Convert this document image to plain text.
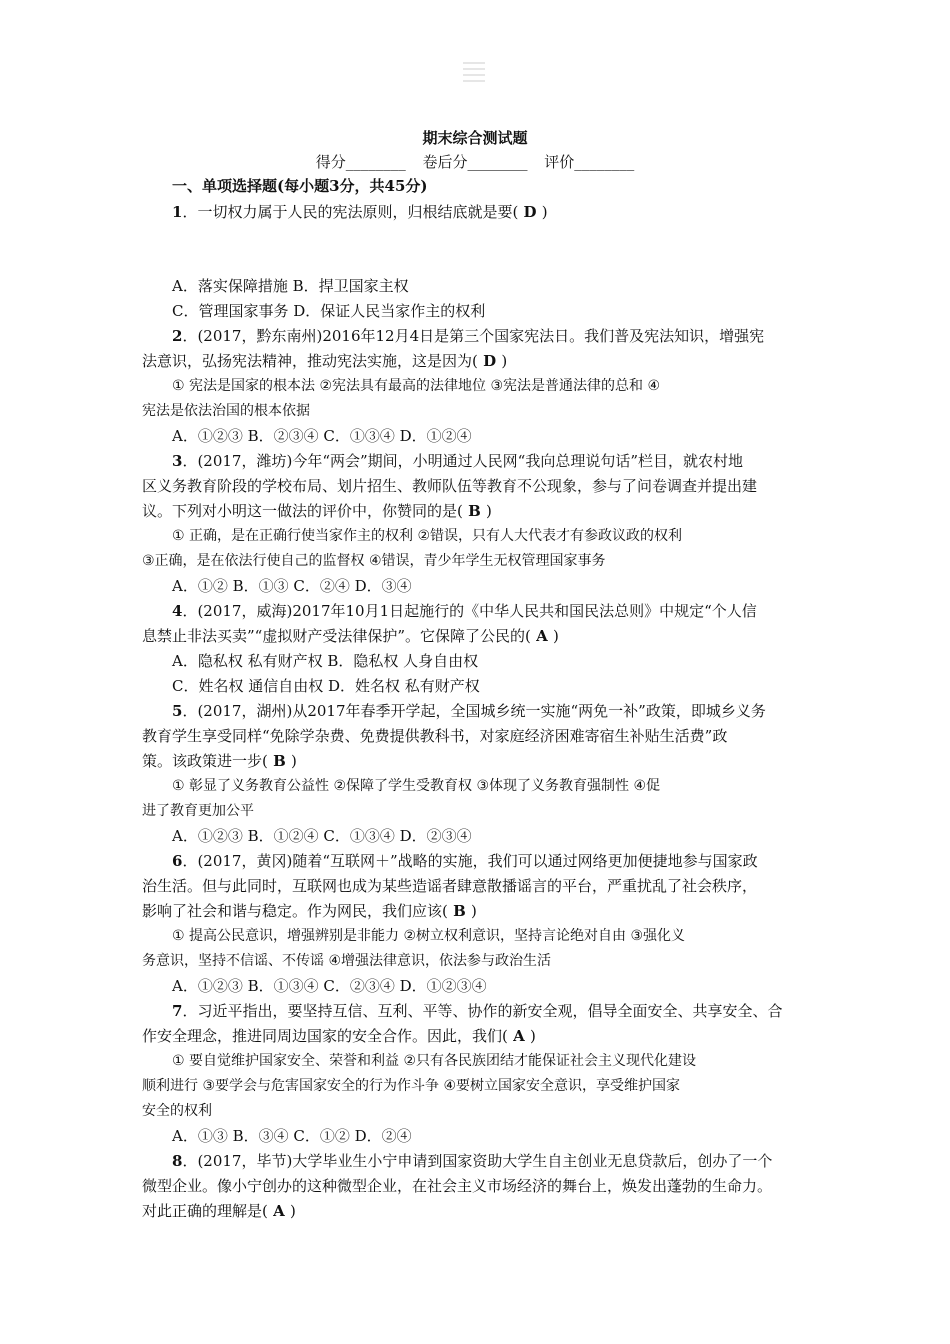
期末综合测试题
得分________ 卷后分________ 评价________
一、单项选择题(每小题3分，共45分)
1．一切权力属于人民的宪法原则，归根结底就是要( D )
A．落实保障措施 B．捍卫国家主权
C．管理国家事务 D．保证人民当家作主的权利
2．(2017，黔东南州)2016年12月4日是第三个国家宪法日。我们普及宪法知识，增强宪
法意识，弘扬宪法精神，推动宪法实施，这是因为( D )
① 宪法是国家的根本法 ②宪法具有最高的法律地位 ③宪法是普通法律的总和 ④
宪法是依法治国的根本依据
A．①②③ B．②③④ C．①③④ D．①②④
3．(2017，潍坊)今年“两会”期间，小明通过人民网“我向总理说句话”栏目，就农村地
区义务教育阶段的学校布局、划片招生、教师队伍等教育不公现象，参与了问卷调查并提出建
议。下列对小明这一做法的评价中，你赞同的是( B )
① 正确，是在正确行使当家作主的权利 ②错误，只有人大代表才有参政议政的权利
③正确，是在依法行使自己的监督权 ④错误，青少年学生无权管理国家事务
A．①② B．①③ C．②④ D．③④
4．(2017，威海)2017年10月1日起施行的《中华人民共和国民法总则》中规定“个人信
息禁止非法买卖”“虚拟财产受法律保护”。它保障了公民的( A )
A．隐私权 私有财产权 B．隐私权 人身自由权
C．姓名权 通信自由权 D．姓名权 私有财产权
5．(2017，湖州)从2017年春季开学起，全国城乡统一实施“两免一补”政策，即城乡义务
教育学生享受同样“免除学杂费、免费提供教科书，对家庭经济困难寄宿生补贴生活费”政
策。该政策进一步( B )
① 彰显了义务教育公益性 ②保障了学生受教育权 ③体现了义务教育强制性 ④促
进了教育更加公平
A．①②③ B．①②④ C．①③④ D．②③④
6．(2017，黄冈)随着“互联网＋”战略的实施，我们可以通过网络更加便捷地参与国家政
治生活。但与此同时，互联网也成为某些造谣者肆意散播谣言的平台，严重扰乱了社会秩序，
影响了社会和谐与稳定。作为网民，我们应该( B )
① 提高公民意识，增强辨别是非能力 ②树立权利意识，坚持言论绝对自由 ③强化义
务意识，坚持不信谣、不传谣 ④增强法律意识，依法参与政治生活
A．①②③ B．①③④ C．②③④ D．①②③④
7．习近平指出，要坚持互信、互利、平等、协作的新安全观，倡导全面安全、共享安全、合
作安全理念，推进同周边国家的安全合作。因此，我们( A )
① 要自觉维护国家安全、荣誉和利益 ②只有各民族团结才能保证社会主义现代化建设
顺利进行 ③要学会与危害国家安全的行为作斗争 ④要树立国家安全意识，享受维护国家
安全的权利
A．①③ B．③④ C．①② D．②④
8．(2017，毕节)大学毕业生小宁申请到国家资助大学生自主创业无息贷款后，创办了一个
微型企业。像小宁创办的这种微型企业，在社会主义市场经济的舞台上，焕发出蓬勃的生命力。
对此正确的理解是( A )
